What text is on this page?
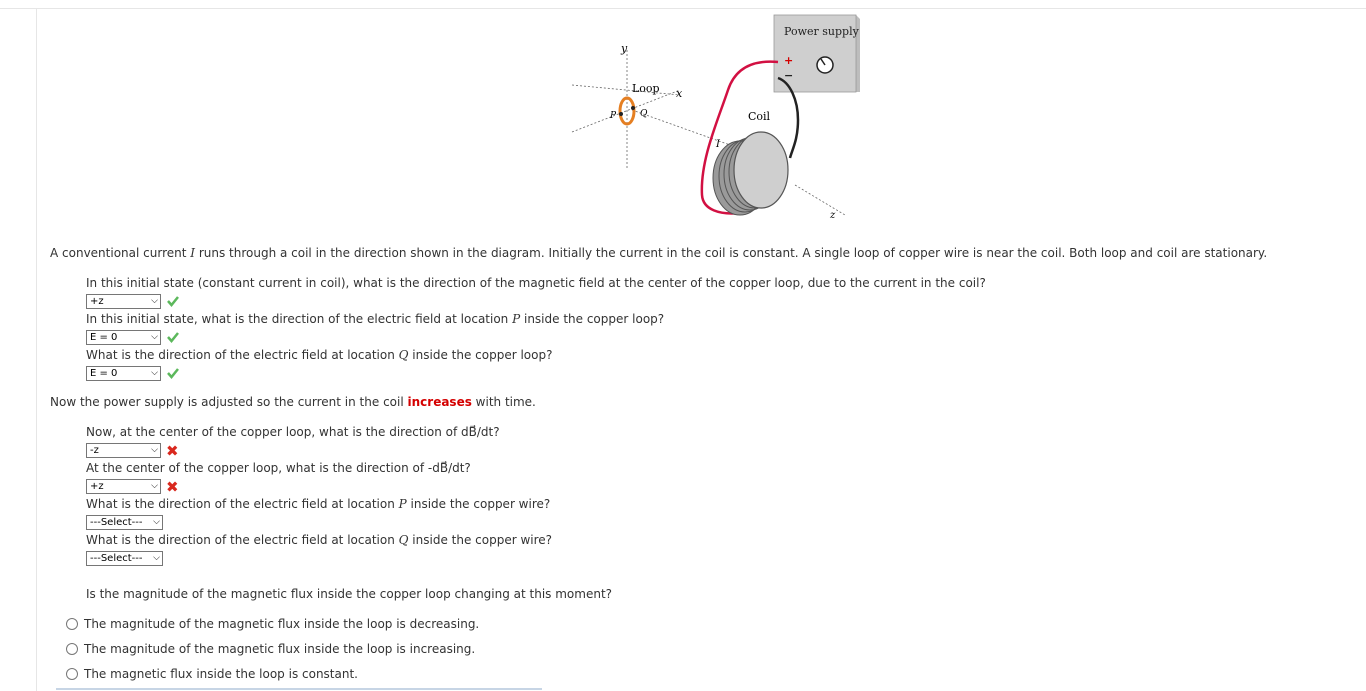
y
x
z
Loop
P	Q
Power supply
+
−
Coil
I
A conventional current I runs through a coil in the direction shown in the diagram. Initially the current in the coil is constant. A single loop of copper wire is near the coil. Both loop and coil are stationary.
In this initial state (constant current in coil), what is the direction of the magnetic field at the center of the copper loop, due to the current in the coil?
+z	⌵
In this initial state, what is the direction of the electric field at location P inside the copper loop?
E = 0	⌵
What is the direction of the electric field at location Q inside the copper loop?
E = 0	⌵
Now the power supply is adjusted so the current in the coil increases with time.
Now, at the center of the copper loop, what is the direction of dB⃗/dt?
-z	⌵ ✖
At the center of the copper loop, what is the direction of -dB⃗/dt?
+z	⌵ ✖
What is the direction of the electric field at location P inside the copper wire?
---Select--- ⌵
What is the direction of the electric field at location Q inside the copper wire?
---Select--- ⌵
Is the magnitude of the magnetic flux inside the copper loop changing at this moment?
The magnitude of the magnetic flux inside the loop is decreasing.
The magnitude of the magnetic flux inside the loop is increasing.
The magnetic flux inside the loop is constant.
